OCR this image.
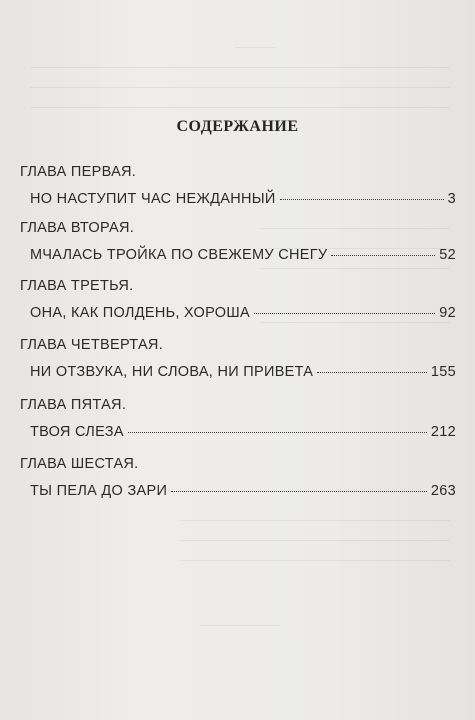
СОДЕРЖАНИЕ
ГЛАВА ПЕРВАЯ.
НО НАСТУПИТ ЧАС НЕЖДАННЫЙ	3
ГЛАВА ВТОРАЯ.
МЧАЛАСЬ ТРОЙКА ПО СВЕЖЕМУ СНЕГУ	52
ГЛАВА ТРЕТЬЯ.
ОНА, КАК ПОЛДЕНЬ, ХОРОША	92
ГЛАВА ЧЕТВЕРТАЯ.
НИ ОТЗВУКА, НИ СЛОВА, НИ ПРИВЕТА	155
ГЛАВА ПЯТАЯ.
ТВОЯ СЛЕЗА	212
ГЛАВА ШЕСТАЯ.
ТЫ ПЕЛА ДО ЗАРИ	263
